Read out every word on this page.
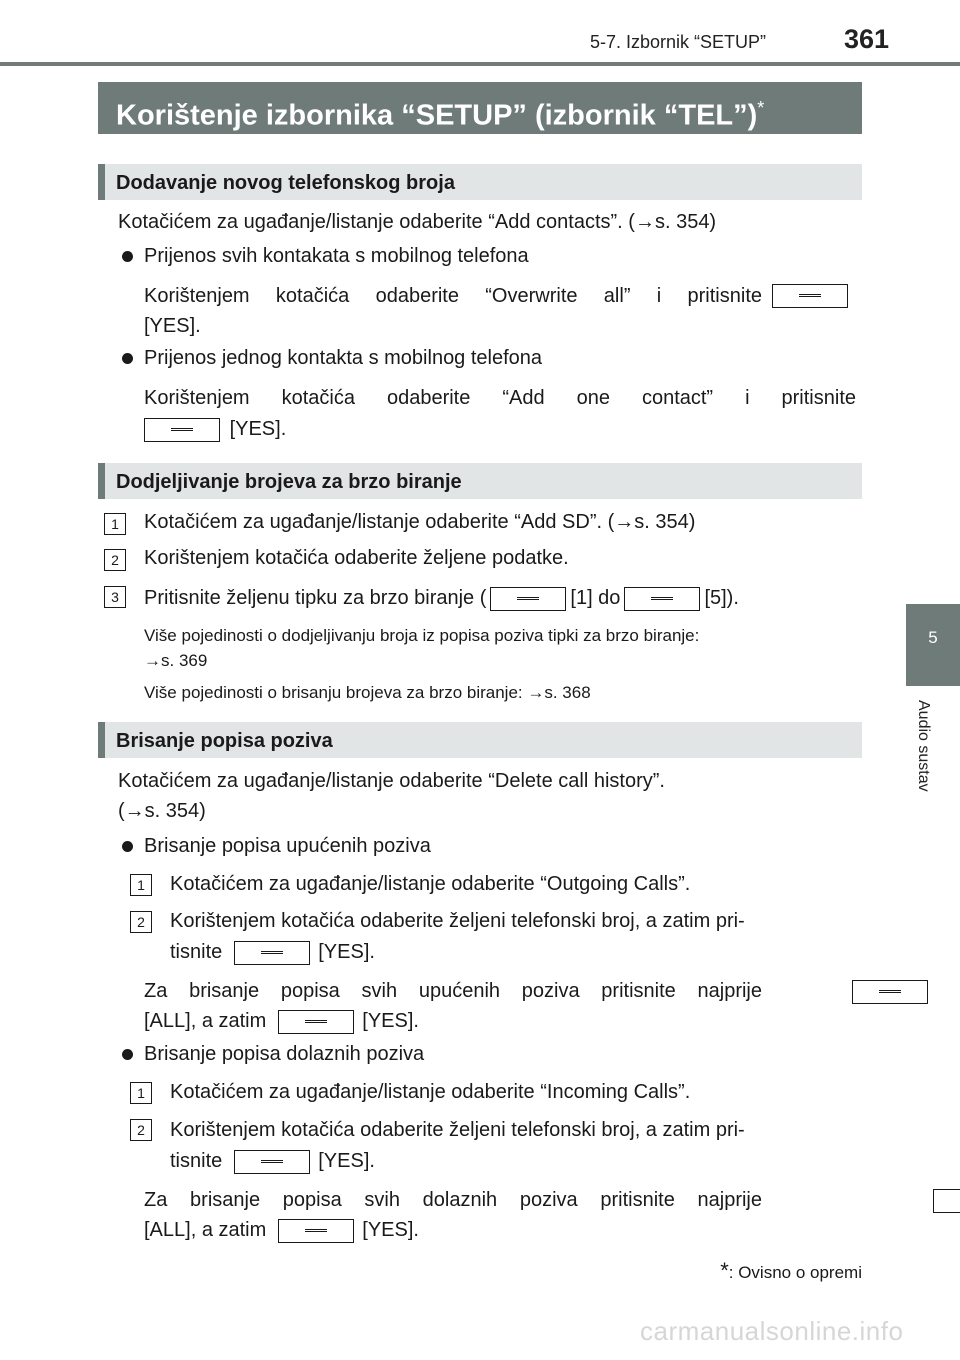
5-7. Izbornik “SETUP”	361
5
Audio sustav
Korištenje izbornika “SETUP” (izbornik “TEL”)*
Dodavanje novog telefonskog broja
Kotačićem za ugađanje/listanje odaberite “Add contacts”. (→s. 354)
Prijenos svih kontakata s mobilnog telefona
Korištenjem kotačića odaberite “Overwrite all” i pritisnite

[YES].
Prijenos jednog kontakta s mobilnog telefona
Korištenjem kotačića odaberite “Add one contact” i pritisnite
[YES].
Dodjeljivanje brojeva za brzo biranje
1	Kotačićem za ugađanje/listanje odaberite “Add SD”. (→s. 354)
2	Korištenjem kotačića odaberite željene podatke.
3	Pritisnite željenu tipku za brzo biranje (	[1] do	[5]).
Više pojedinosti o dodjeljivanju broja iz popisa poziva tipki za brzo biranje:
→s. 369
Više pojedinosti o brisanju brojeva za brzo biranje: →s. 368
Brisanje popisa poziva
Kotačićem za ugađanje/listanje odaberite “Delete call history”.
(→s. 354)
Brisanje popisa upućenih poziva
1	Kotačićem za ugađanje/listanje odaberite “Outgoing Calls”.
2	Korištenjem kotačića odaberite željeni telefonski broj, a zatim pri-
tisnite	[YES].
Za brisanje popisa svih upućenih poziva pritisnite najprije

[ALL], a zatim	[YES].
Brisanje popisa dolaznih poziva
1	Kotačićem za ugađanje/listanje odaberite “Incoming Calls”.
2	Korištenjem kotačića odaberite željeni telefonski broj, a zatim pri-
tisnite	[YES].
Za brisanje popisa svih dolaznih poziva pritisnite najprije
[ALL], a zatim	[YES].
*: Ovisno o opremi
carmanualsonline.info
